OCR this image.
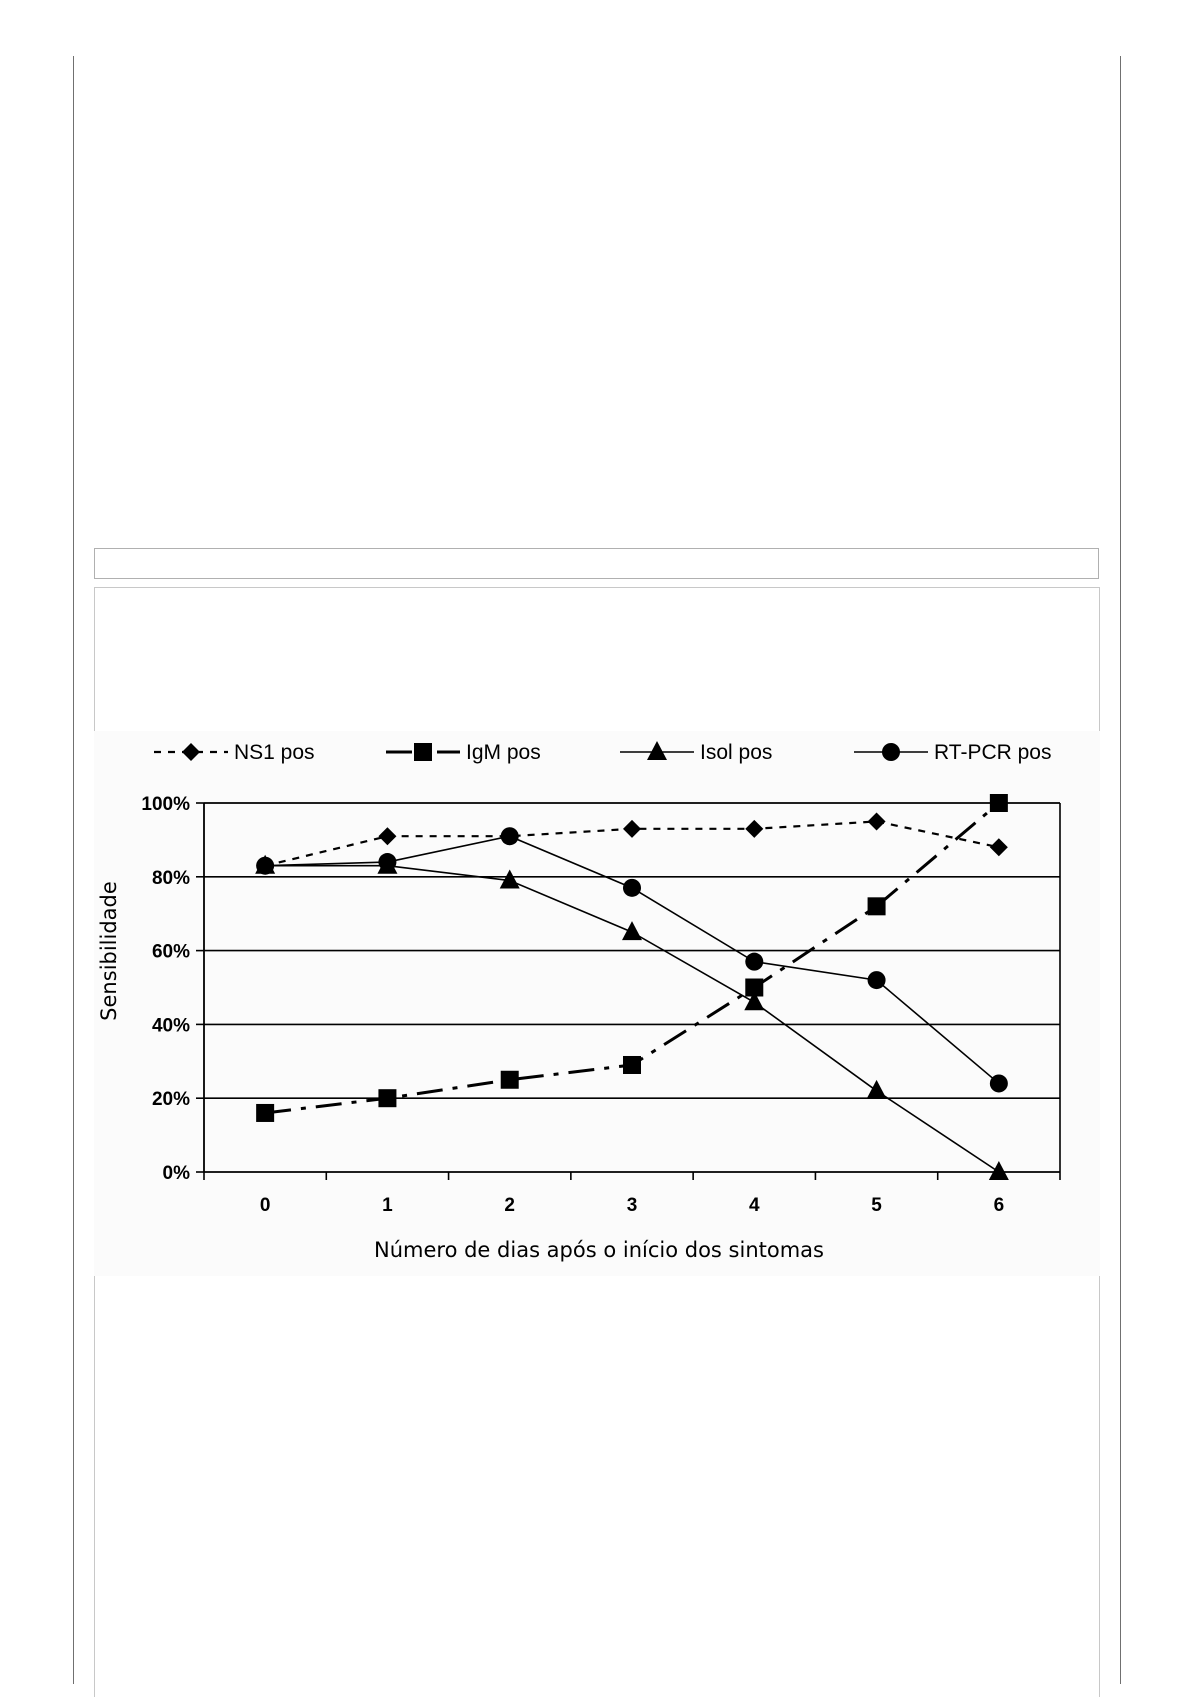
NS1 pos	IgM pos	Isol pos	RT-PCR pos
0%
20%
40%
60%
80%
100%
0	1	2	3	4	5	6
Sensibilidade
Número de dias após o início dos sintomas
